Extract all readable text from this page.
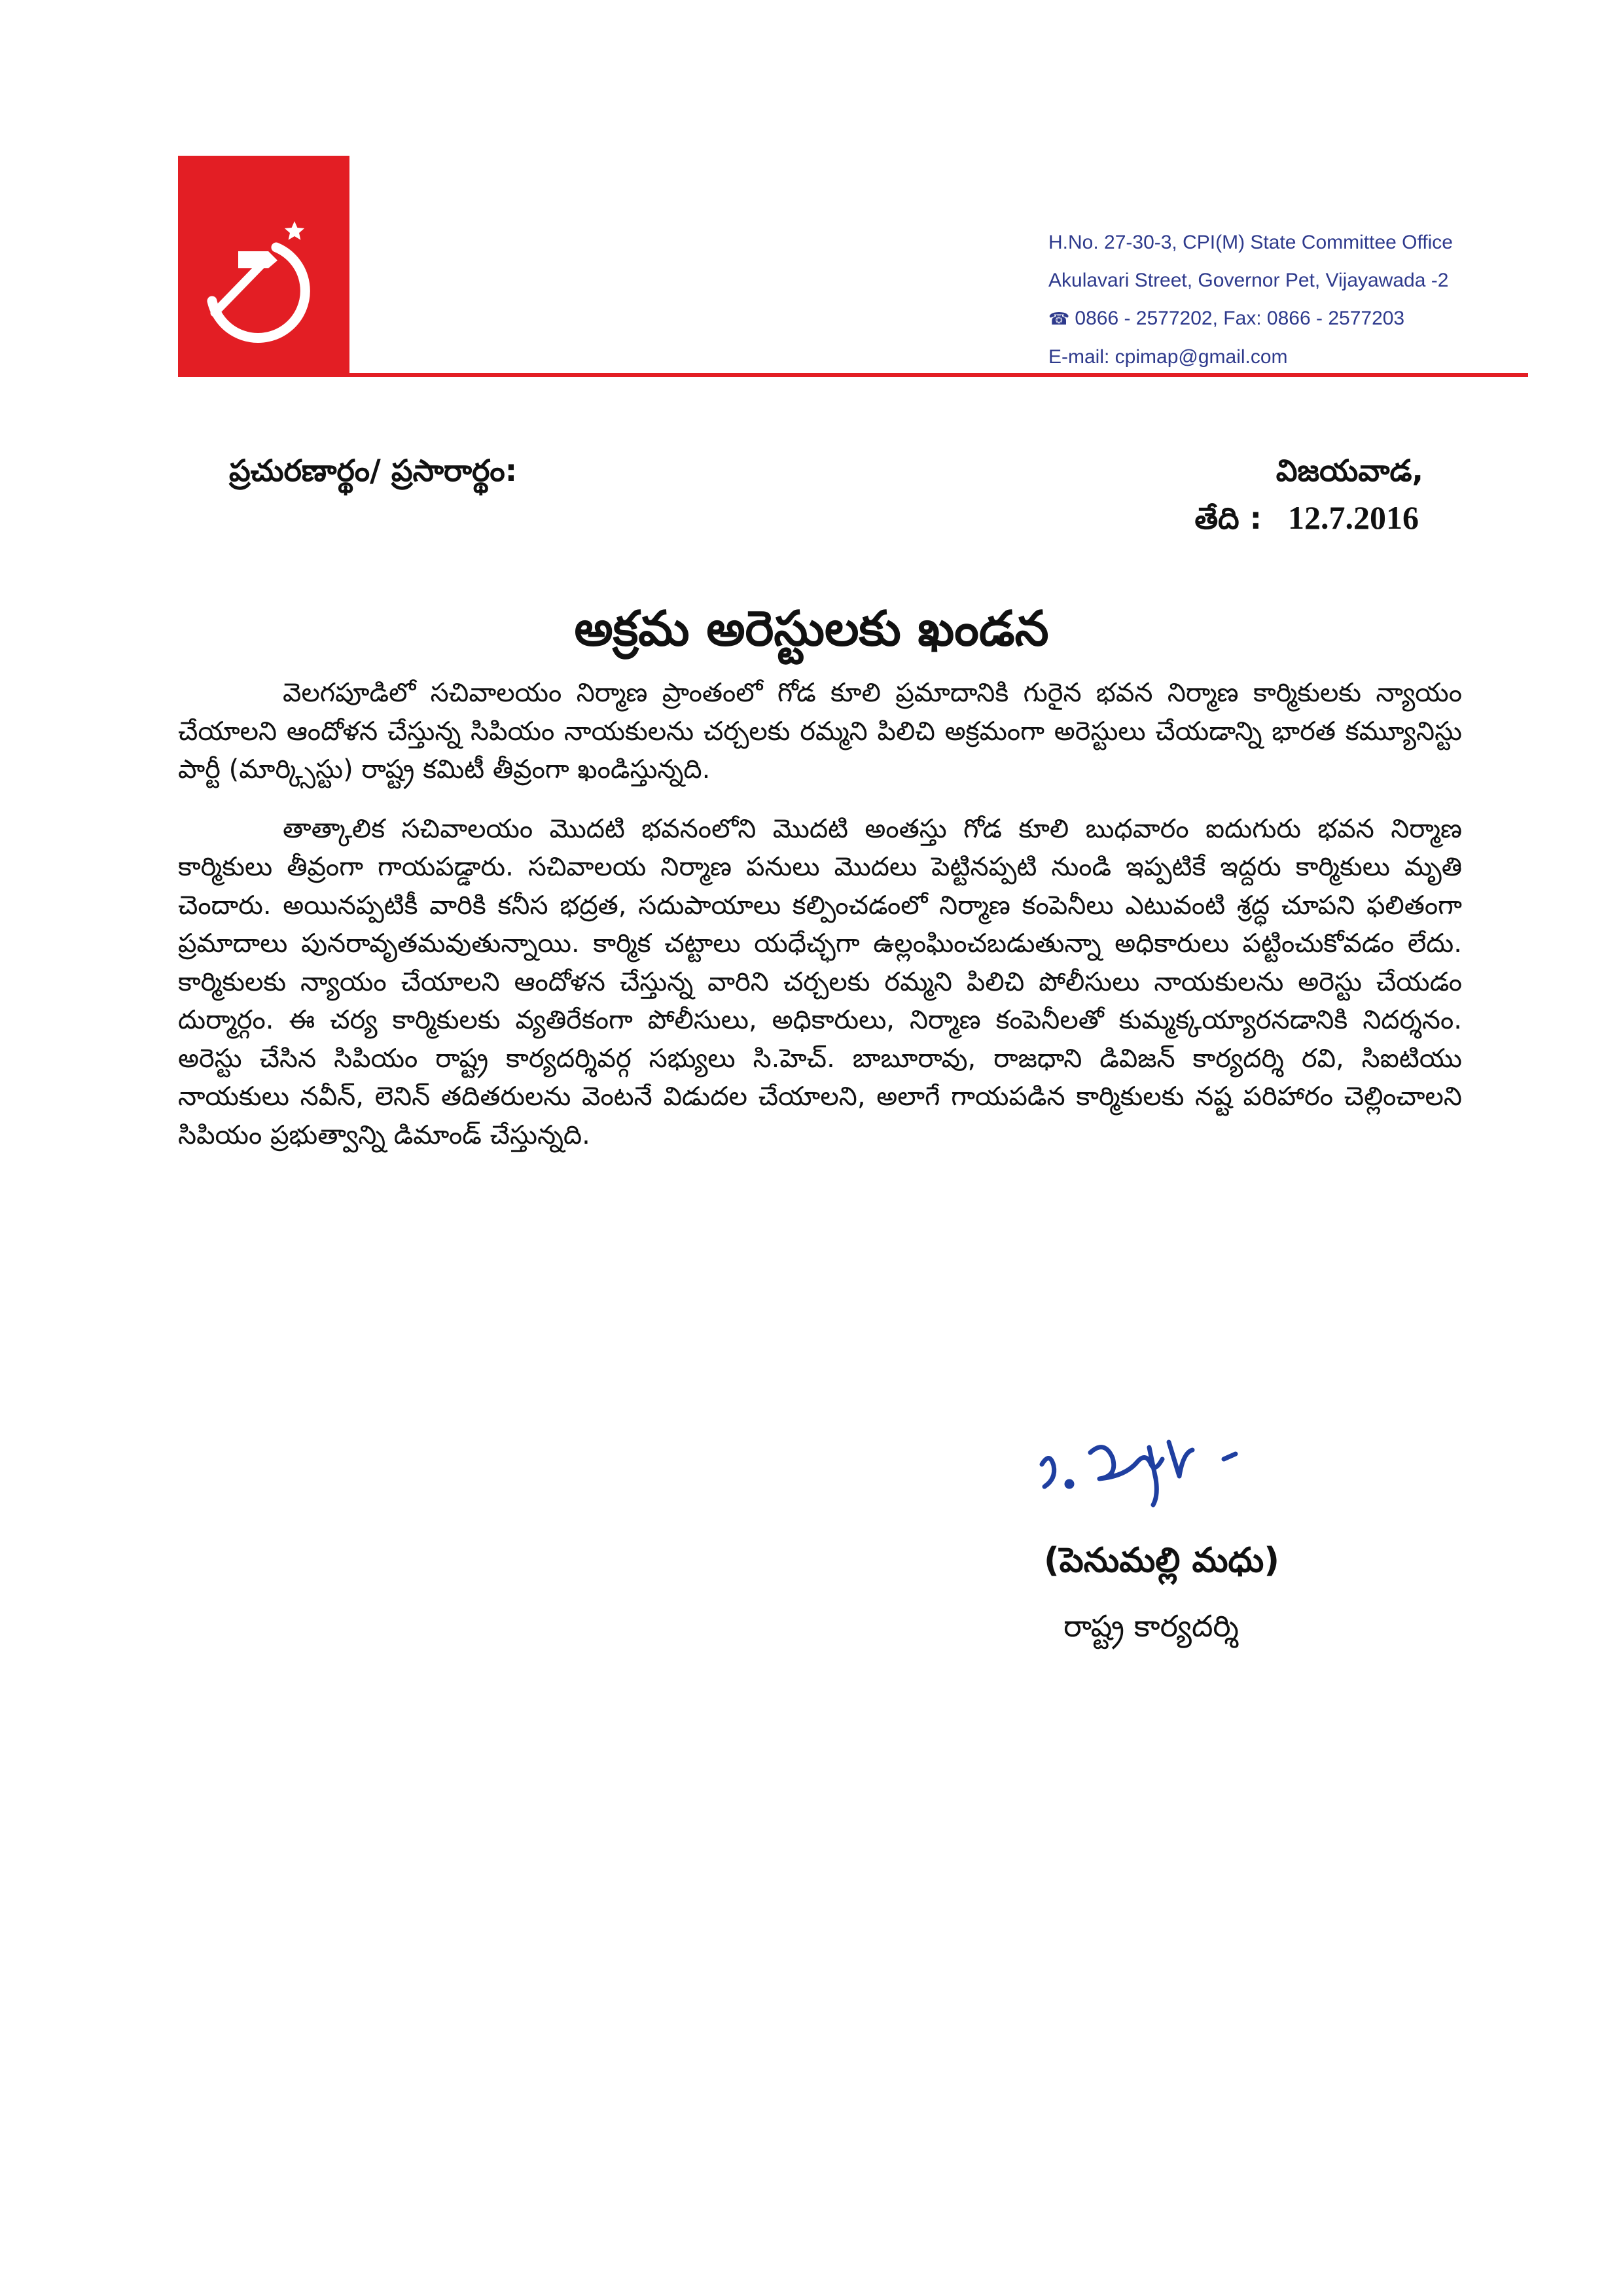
H.No. 27-30-3, CPI(M) State Committee Office
Akulavari Street, Governor Pet, Vijayawada -2
☎ 0866 - 2577202, Fax: 0866 - 2577203
E-mail: cpimap@gmail.com
ప్రచురణార్థం/ ప్రసారార్థం:	విజయవాడ,
తేది : 12.7.2016
అక్రమ అరెస్టులకు ఖండన

వెలగపూడిలో సచివాలయం నిర్మాణ ప్రాంతంలో గోడ కూలి ప్రమాదానికి గురైన భవన నిర్మాణ కార్మికులకు న్యాయం చేయాలని ఆందోళన చేస్తున్న సిపియం నాయకులను చర్చలకు రమ్మని పిలిచి అక్రమంగా అరెస్టులు చేయడాన్ని భారత కమ్యూనిస్టు పార్టీ (మార్క్సిస్టు) రాష్ట్ర కమిటీ తీవ్రంగా ఖండిస్తున్నది.

తాత్కాలిక సచివాలయం మొదటి భవనంలోని మొదటి అంతస్తు గోడ కూలి బుధవారం ఐదుగురు భవన నిర్మాణ కార్మికులు తీవ్రంగా గాయపడ్డారు. సచివాలయ నిర్మాణ పనులు మొదలు పెట్టినప్పటి నుండి ఇప్పటికే ఇద్దరు కార్మికులు మృతి చెందారు. అయినప్పటికీ వారికి కనీస భద్రత, సదుపాయాలు కల్పించడంలో నిర్మాణ కంపెనీలు ఎటువంటి శ్రద్ధ చూపని ఫలితంగా ప్రమాదాలు పునరావృతమవుతున్నాయి. కార్మిక చట్టాలు యధేచ్ఛగా ఉల్లంఘించబడుతున్నా అధికారులు పట్టించుకోవడం లేదు. కార్మికులకు న్యాయం చేయాలని ఆందోళన చేస్తున్న వారిని చర్చలకు రమ్మని పిలిచి పోలీసులు నాయకులను అరెస్టు చేయడం దుర్మార్గం. ఈ చర్య కార్మికులకు వ్యతిరేకంగా పోలీసులు, అధికారులు, నిర్మాణ కంపెనీలతో కుమ్మక్కయ్యారనడానికి నిదర్శనం. అరెస్టు చేసిన సిపియం రాష్ట్ర కార్యదర్శివర్గ సభ్యులు సి.హెచ్. బాబూరావు, రాజధాని డివిజన్ కార్యదర్శి రవి, సిఐటియు నాయకులు నవీన్, లెనిన్ తదితరులను వెంటనే విడుదల చేయాలని, అలాగే గాయపడిన కార్మికులకు నష్ట పరిహారం చెల్లించాలని సిపియం ప్రభుత్వాన్ని డిమాండ్ చేస్తున్నది.

(పెనుమల్లి మధు)
రాష్ట్ర కార్యదర్శి
